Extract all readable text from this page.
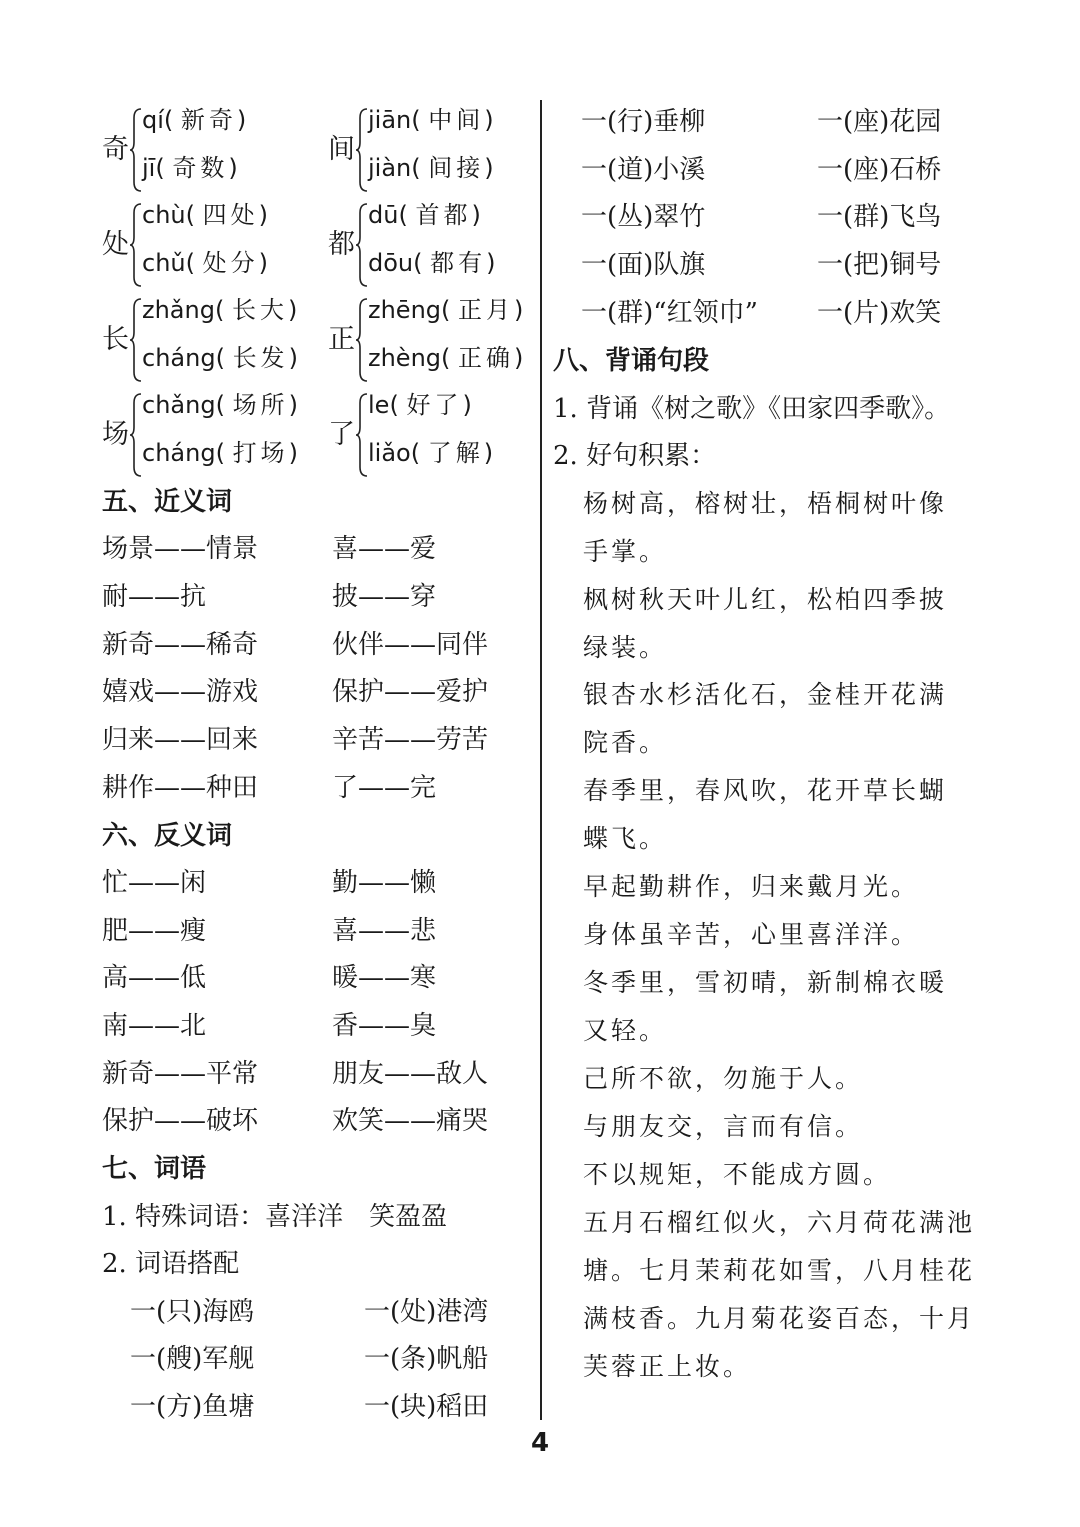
奇
qí( 新奇)
jī( 奇数)
间
jiān( 中间)
jiàn( 间接)
处
chù( 四处)
chǔ( 处分)
都
dū( 首都)
dōu( 都有)
长
zhǎng( 长大)
cháng( 长发)
正
zhēng( 正月)
zhèng( 正确)
场
chǎng( 场所)
cháng( 打场)
了
le( 好了)
liǎo( 了解)
五、近义词
场景——情景	喜——爱
耐——抗	披——穿
新奇——稀奇	伙伴——同伴
嬉戏——游戏	保护——爱护
归来——回来	辛苦——劳苦
耕作——种田	了——完
六、反义词
忙——闲	勤——懒
肥——瘦	喜——悲
高——低	暖——寒
南——北	香——臭
新奇——平常	朋友——敌人
保护——破坏	欢笑——痛哭
七、词语
1. 特殊词语：喜洋洋　笑盈盈
2. 词语搭配
一(只)海鸥	一(处)港湾
一(艘)军舰	一(条)帆船
一(方)鱼塘	一(块)稻田
一(行)垂柳	一(座)花园
一(道)小溪	一(座)石桥
一(丛)翠竹	一(群)飞鸟
一(面)队旗	一(把)铜号
一(群)“红领巾” 一(片)欢笑
八、背诵句段
1. 背诵《树之歌》《田家四季歌》。
2. 好句积累：
杨树高，榕树壮，梧桐树叶像
手掌。
枫树秋天叶儿红，松柏四季披
绿装。
银杏水杉活化石，金桂开花满
院香。
春季里，春风吹，花开草长蝴
蝶飞。
早起勤耕作，归来戴月光。
身体虽辛苦，心里喜洋洋。
冬季里，雪初晴，新制棉衣暖
又轻。
己所不欲，勿施于人。
与朋友交，言而有信。
不以规矩，不能成方圆。
五月石榴红似火，六月荷花满池
塘。七月茉莉花如雪，八月桂花
满枝香。九月菊花姿百态，十月
芙蓉正上妆。
4
